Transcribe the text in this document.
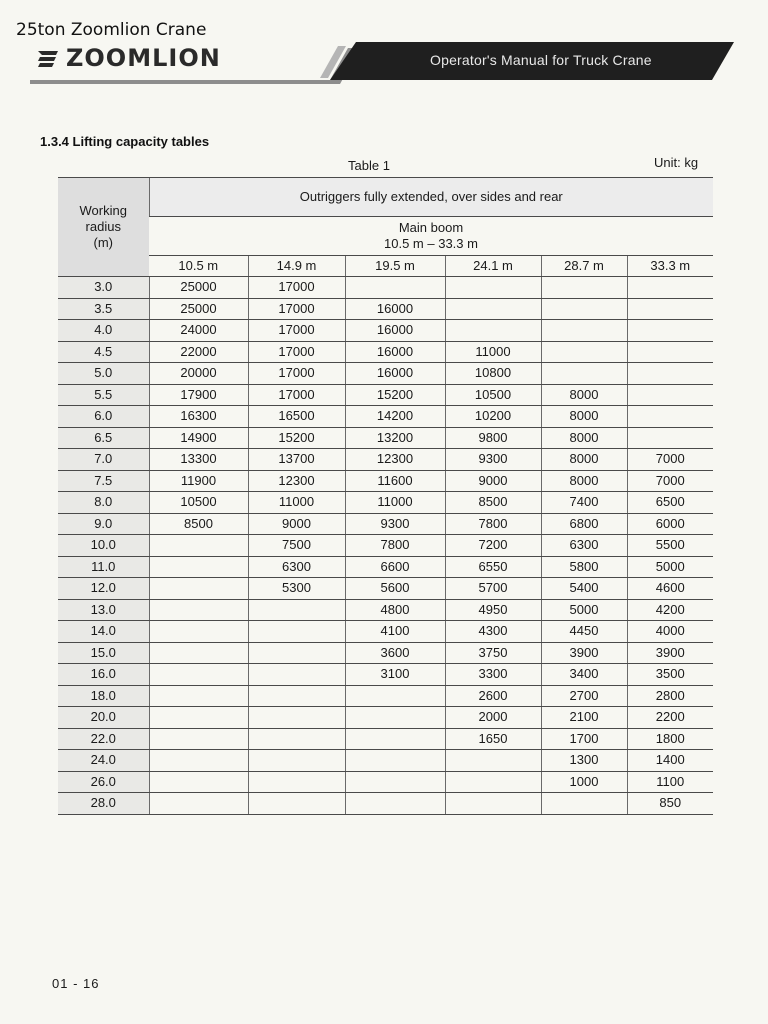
25ton Zoomlion Crane
ZOOMLION	Operator's Manual for Truck Crane
1.3.4 Lifting capacity tables
Table 1	Unit: kg
Working
radius
(m)	Outriggers fully extended, over sides and rear					
	Main boom
10.5 m – 33.3 m					
	10.5 m	14.9 m	19.5 m	24.1 m	28.7 m	33.3 m
3.0	25000	17000				
3.5	25000	17000	16000			
4.0	24000	17000	16000			
4.5	22000	17000	16000	11000		
5.0	20000	17000	16000	10800		
5.5	17900	17000	15200	10500	8000	
6.0	16300	16500	14200	10200	8000	
6.5	14900	15200	13200	9800	8000	
7.0	13300	13700	12300	9300	8000	7000
7.5	11900	12300	11600	9000	8000	7000
8.0	10500	11000	11000	8500	7400	6500
9.0	8500	9000	9300	7800	6800	6000
10.0		7500	7800	7200	6300	5500
11.0		6300	6600	6550	5800	5000
12.0		5300	5600	5700	5400	4600
13.0			4800	4950	5000	4200
14.0			4100	4300	4450	4000
15.0			3600	3750	3900	3900
16.0			3100	3300	3400	3500
18.0				2600	2700	2800
20.0				2000	2100	2200
22.0				1650	1700	1800
24.0					1300	1400
26.0					1000	1100
28.0						850
01 - 16
